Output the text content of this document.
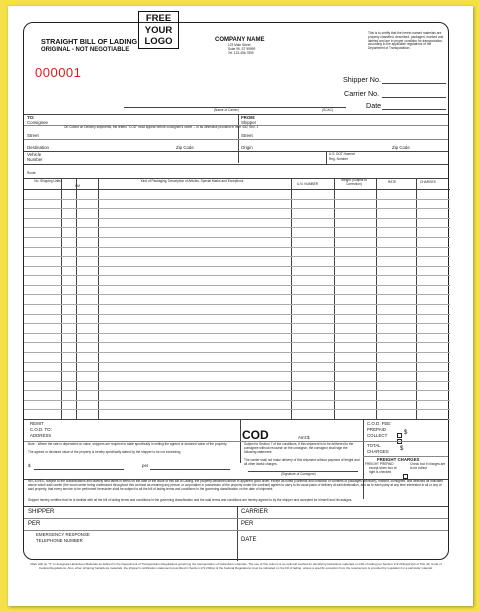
STRAIGHT BILL OF LADING
ORIGINAL - NOT NEGOTIABLE
FREE
YOUR
LOGO	COMPANY NAME
123 Main Street
Suite 99, ST 99999
Tel: 123-456-7890
This is to certify that the herein named materials are properly classified, described, packaged, marked and labeled and are in proper condition for transportation, according to the applicable regulations of the Department of Transportation.
Shipper No.
Carrier No.
Date
(Name of Carrier)	(SCAC)
TO:
Consignee
FROM:
Shipper
On Collect on Delivery shipments, the letters "COD" must appear before consignee's name -- or as otherwise provided in Item 430, Sec. 1
Street	Street
Destination	Zip Code	Origin	Zip Code
Vehicle
Number
U.S. DOT Hazmat
Reg. Number
Route
No. Shipping Units
HM
Kind of Packaging, Description of Articles, Special Marks and Exceptions
U.N. NUMBER
Weight (Subject to Correction)	RATE	CHARGES
REMIT
C.O.D. TO:
ADDRESS	COD	Amt:$
C.O.D. FEE:
PREPAID
COLLECT	$
Note - Where the rate is dependent on value, shippers are required to state specifically in writing the agreed or declared value of the property.
The agreed or declared value of the property is hereby specifically stated by the shipper to be not exceeding
$	per
Subject to Section 7 of the conditions, if this shipment is to be delivered to the consignee without recourse on the consignor, the consignor shall sign the following statement:
The carrier shall not make delivery of this shipment without payment of freight and all other lawful charges.
(Signature of Consignor)
TOTAL
CHARGES $
FREIGHT CHARGES
FREIGHT PREPAID
except when box at right is checked
Check box if charges are to be collect
RECEIVED, subject to the classifications and lawfully filed tariffs in effect on the date of the issue of this Bill of Lading, the property described above in apparent good order, except as noted (contents and condition of contents of packages unknown), marked, consigned, and destined as indicated above which said carrier (the word carrier being understood throughout this contract as meaning any person or corporation in possession of the property under the contract) agrees to carry to its usual place of delivery at said destination, and as to each party at any time interested in all or any of said property, that every service to be performed hereunder shall be subject to all the bill of lading terms and conditions in the governing classification on the date of shipment.
Shipper hereby certifies that he is familiar with all the bill of lading terms and conditions in the governing classification and the said terms and conditions are hereby agreed to by the shipper and accepted for himself and his assigns.
SHIPPER	CARRIER
PER	PER
EMERGENCY RESPONSE
TELEPHONE NUMBER	DATE
000001
Mark with an "X" to designate Hazardous Materials as defined in the Department of Transportation Regulations governing the transportation of hazardous materials. The use of this column is an optional method for identifying hazardous materials on bills of lading per Section 172.201(a)(1)(iii) of Title 49, Code of Federal Regulations. Also, when shipping hazardous materials, the shipper's certification statement prescribed in Section 172.204(a) of the Federal Regulations must be indicated on the bill of lading, unless a specific exception from the requirement is provided by regulation for a particular material.
